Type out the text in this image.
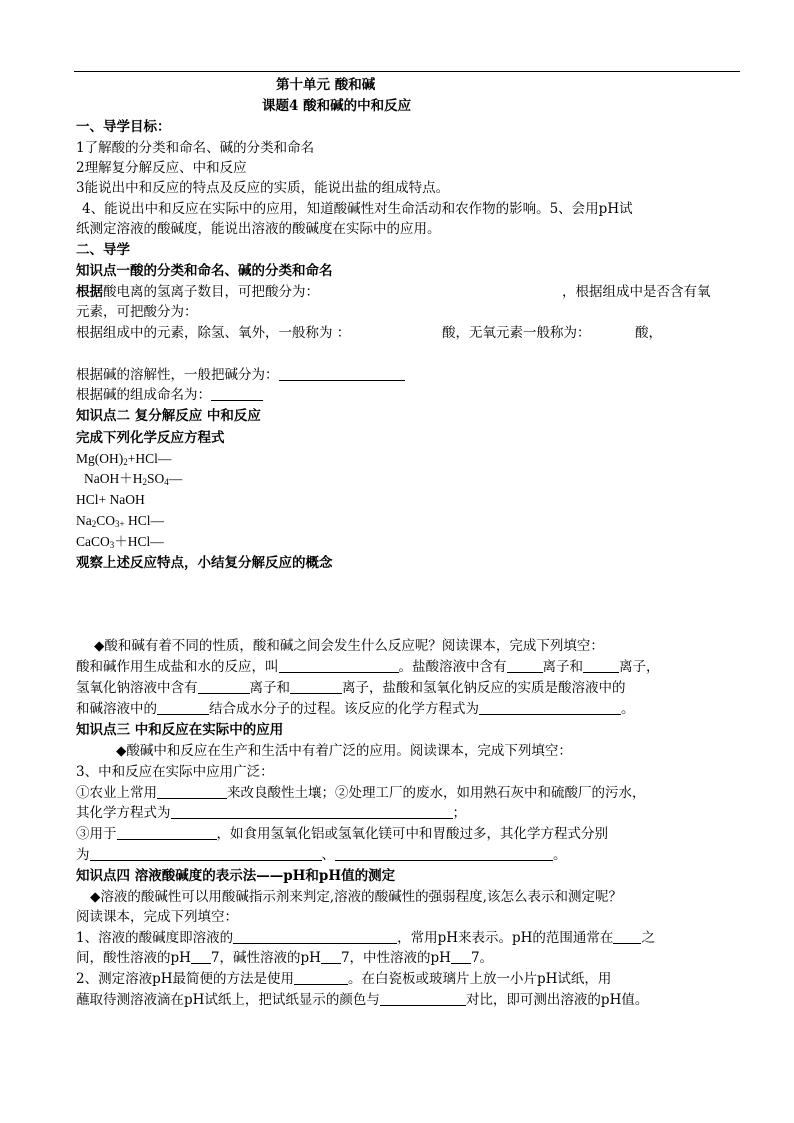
第十单元 酸和碱
课题4 酸和碱的中和反应
一、导学目标：
1了解酸的分类和命名、碱的分类和命名
2理解复分解反应、中和反应
3能说出中和反应的特点及反应的实质，能说出盐的组成特点。
4、能说出中和反应在实际中的应用，知道酸碱性对生命活动和农作物的影响。5、会用pH试
纸测定溶液的酸碱度，能说出溶液的酸碱度在实际中的应用。
二、导学
知识点一酸的分类和命名、碱的分类和命名
根据酸电离的氢离子数目，可把酸分为：	，根据组成中是否含有氧
元素，可把酸分为：
根据组成中的元素，除氢、氧外，一般称为 ：	酸，无氧元素一般称为：	酸，
根据碱的溶解性，一般把碱分为：
根据碱的组成命名为：
知识点二 复分解反应 中和反应
完成下列化学反应方程式
$Mg(OH)_2+HCl—$
$NaOH+H_2SO_4—$
HCl+ NaOH
$Na_2CO_{3+}$ HCl—
CaCO$_3$＋HCl—
观察上述反应特点，小结复分解反应的概念
◆酸和碱有着不同的性质，酸和碱之间会发生什么反应呢？阅读课本，完成下列填空：
酸和碱作用生成盐和水的反应，叫	。盐酸溶液中含有	离子和	离子，
氢氧化钠溶液中含有	离子和	离子，盐酸和氢氧化钠反应的实质是酸溶液中的
和碱溶液中的	结合成水分子的过程。该反应的化学方程式为	。
知识点三 中和反应在实际中的应用
◆酸碱中和反应在生产和生活中有着广泛的应用。阅读课本，完成下列填空：
3、中和反应在实际中应用广泛：
①农业上常用	来改良酸性土壤；②处理工厂的废水，如用熟石灰中和硫酸厂的污水，
其化学方程式为	；
③用于	，如食用氢氧化铝或氢氧化镁可中和胃酸过多，其化学方程式分别
为	、	。
知识点四 溶液酸碱度的表示法——pH和pH值的测定
◆溶液的酸碱性可以用酸碱指示剂来判定,溶液的酸碱性的强弱程度,该怎么表示和测定呢？
阅读课本，完成下列填空：
1、溶液的酸碱度即溶液的	，常用pH来表示。pH的范围通常在 之
间，酸性溶液的pH 7，碱性溶液的pH 7，中性溶液的pH 7。
2、测定溶液pH最简便的方法是使用	。在白瓷板或玻璃片上放一小片pH试纸，用
蘸取待测溶液滴在pH试纸上，把试纸显示的颜色与	对比，即可测出溶液的pH值。
